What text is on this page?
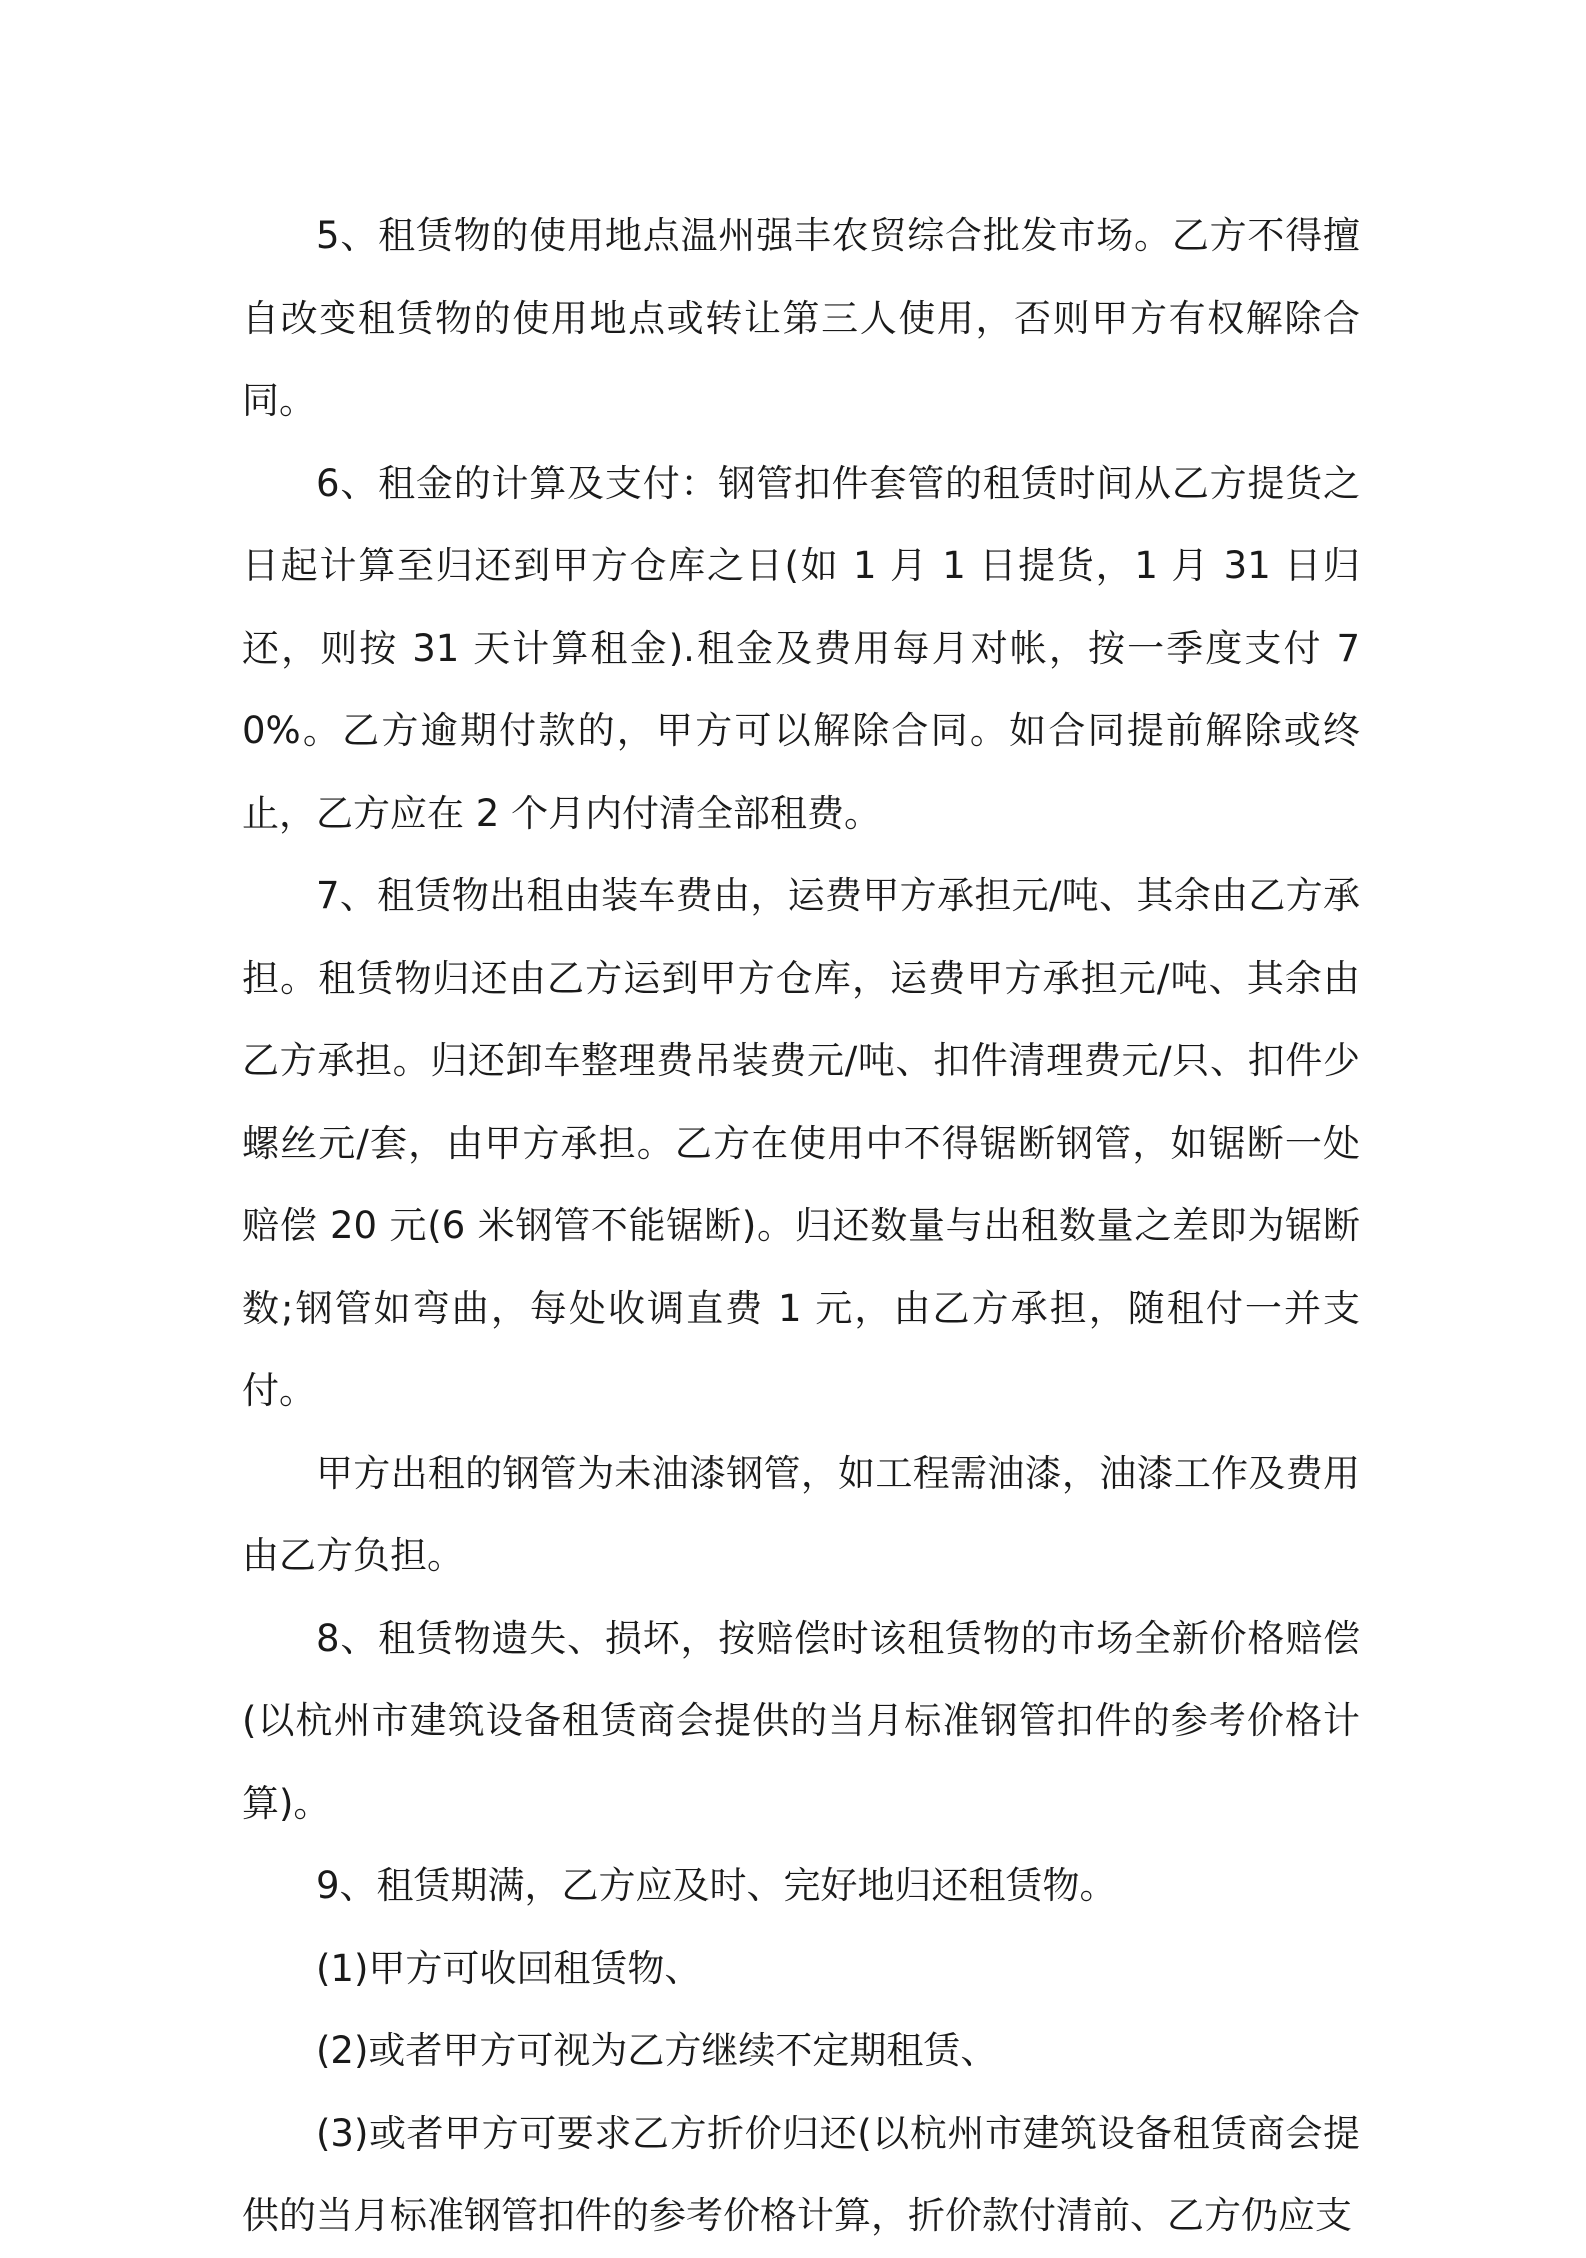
5、租赁物的使用地点温州强丰农贸综合批发市场。乙方不得擅自改变租赁物的使用地点或转让第三人使用，否则甲方有权解除合同。

6、租金的计算及支付：钢管扣件套管的租赁时间从乙方提货之日起计算至归还到甲方仓库之日(如 1 月 1 日提货，1 月 31 日归还，则按 31 天计算租金).租金及费用每月对帐，按一季度支付 70%。乙方逾期付款的，甲方可以解除合同。如合同提前解除或终止，乙方应在 2 个月内付清全部租费。

7、租赁物出租由装车费由，运费甲方承担元/吨、其余由乙方承担。租赁物归还由乙方运到甲方仓库，运费甲方承担元/吨、其余由乙方承担。归还卸车整理费吊装费元/吨、扣件清理费元/只、扣件少螺丝元/套，由甲方承担。乙方在使用中不得锯断钢管，如锯断一处赔偿 20 元(6 米钢管不能锯断)。归还数量与出租数量之差即为锯断数;钢管如弯曲，每处收调直费 1 元，由乙方承担，随租付一并支付。

甲方出租的钢管为未油漆钢管，如工程需油漆，油漆工作及费用由乙方负担。

8、租赁物遗失、损坏，按赔偿时该租赁物的市场全新价格赔偿(以杭州市建筑设备租赁商会提供的当月标准钢管扣件的参考价格计算)。

9、租赁期满，乙方应及时、完好地归还租赁物。

(1)甲方可收回租赁物、

(2)或者甲方可视为乙方继续不定期租赁、

(3)或者甲方可要求乙方折价归还(以杭州市建筑设备租赁商会提供的当月标准钢管扣件的参考价格计算，折价款付清前、乙方仍应支
